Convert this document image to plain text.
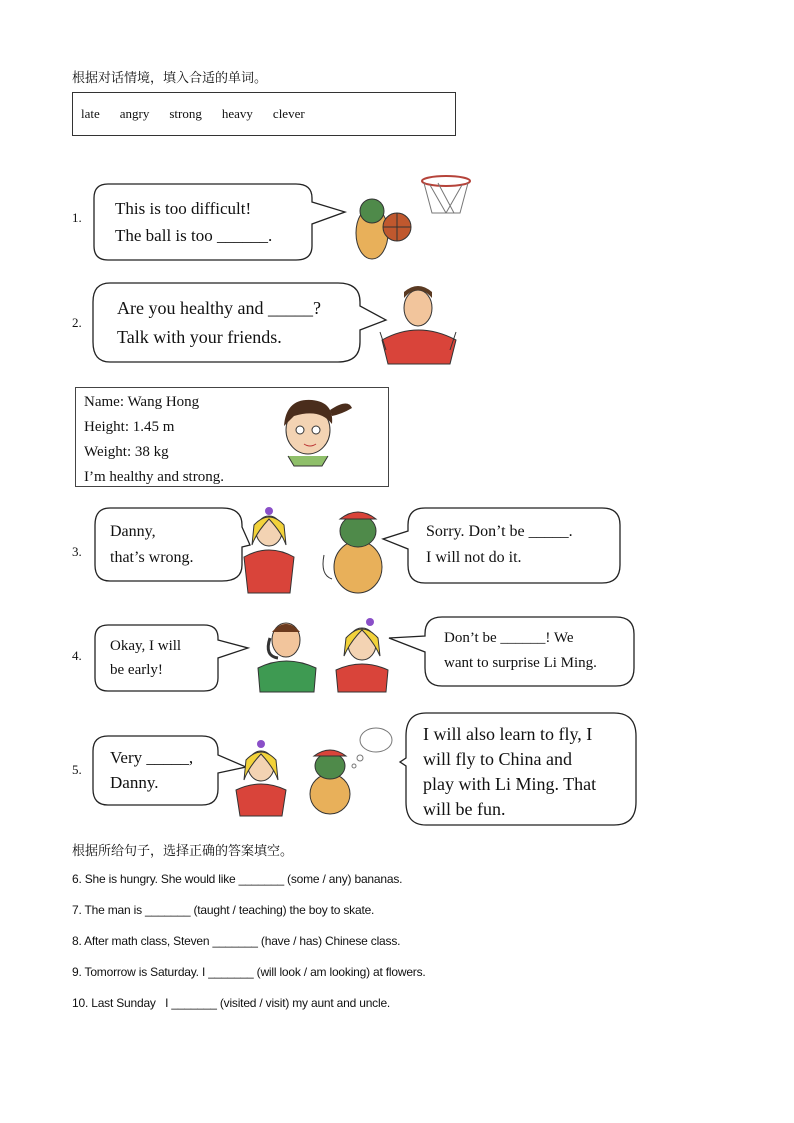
根据对话情境，填入合适的单词。
late angry strong heavy clever
1. This is too difficult!
The ball is too ______.
2.
Are you healthy and _____?
Talk with your friends.
Name: Wang Hong
Height: 1.45 m
Weight: 38 kg
I’m healthy and strong.
3.
Danny,
that’s wrong.
Sorry. Don’t be _____.
I will not do it.
4.
Okay, I will
be early!
Don’t be ______! We
want to surprise Li Ming.
5.
Very _____,
Danny.
I will also learn to fly, I
will fly to China and
play with Li Ming. That
will be fun.
根据所给句子，选择正确的答案填空。
6. She is hungry. She would like _______ (some / any) bananas.
7. The man is _______ (taught / teaching) the boy to skate.
8. After math class, Steven _______ (have / has) Chinese class.
9. Tomorrow is Saturday. I _______ (will look / am looking) at flowers.
10. Last Sunday   I _______ (visited / visit) my aunt and uncle.
